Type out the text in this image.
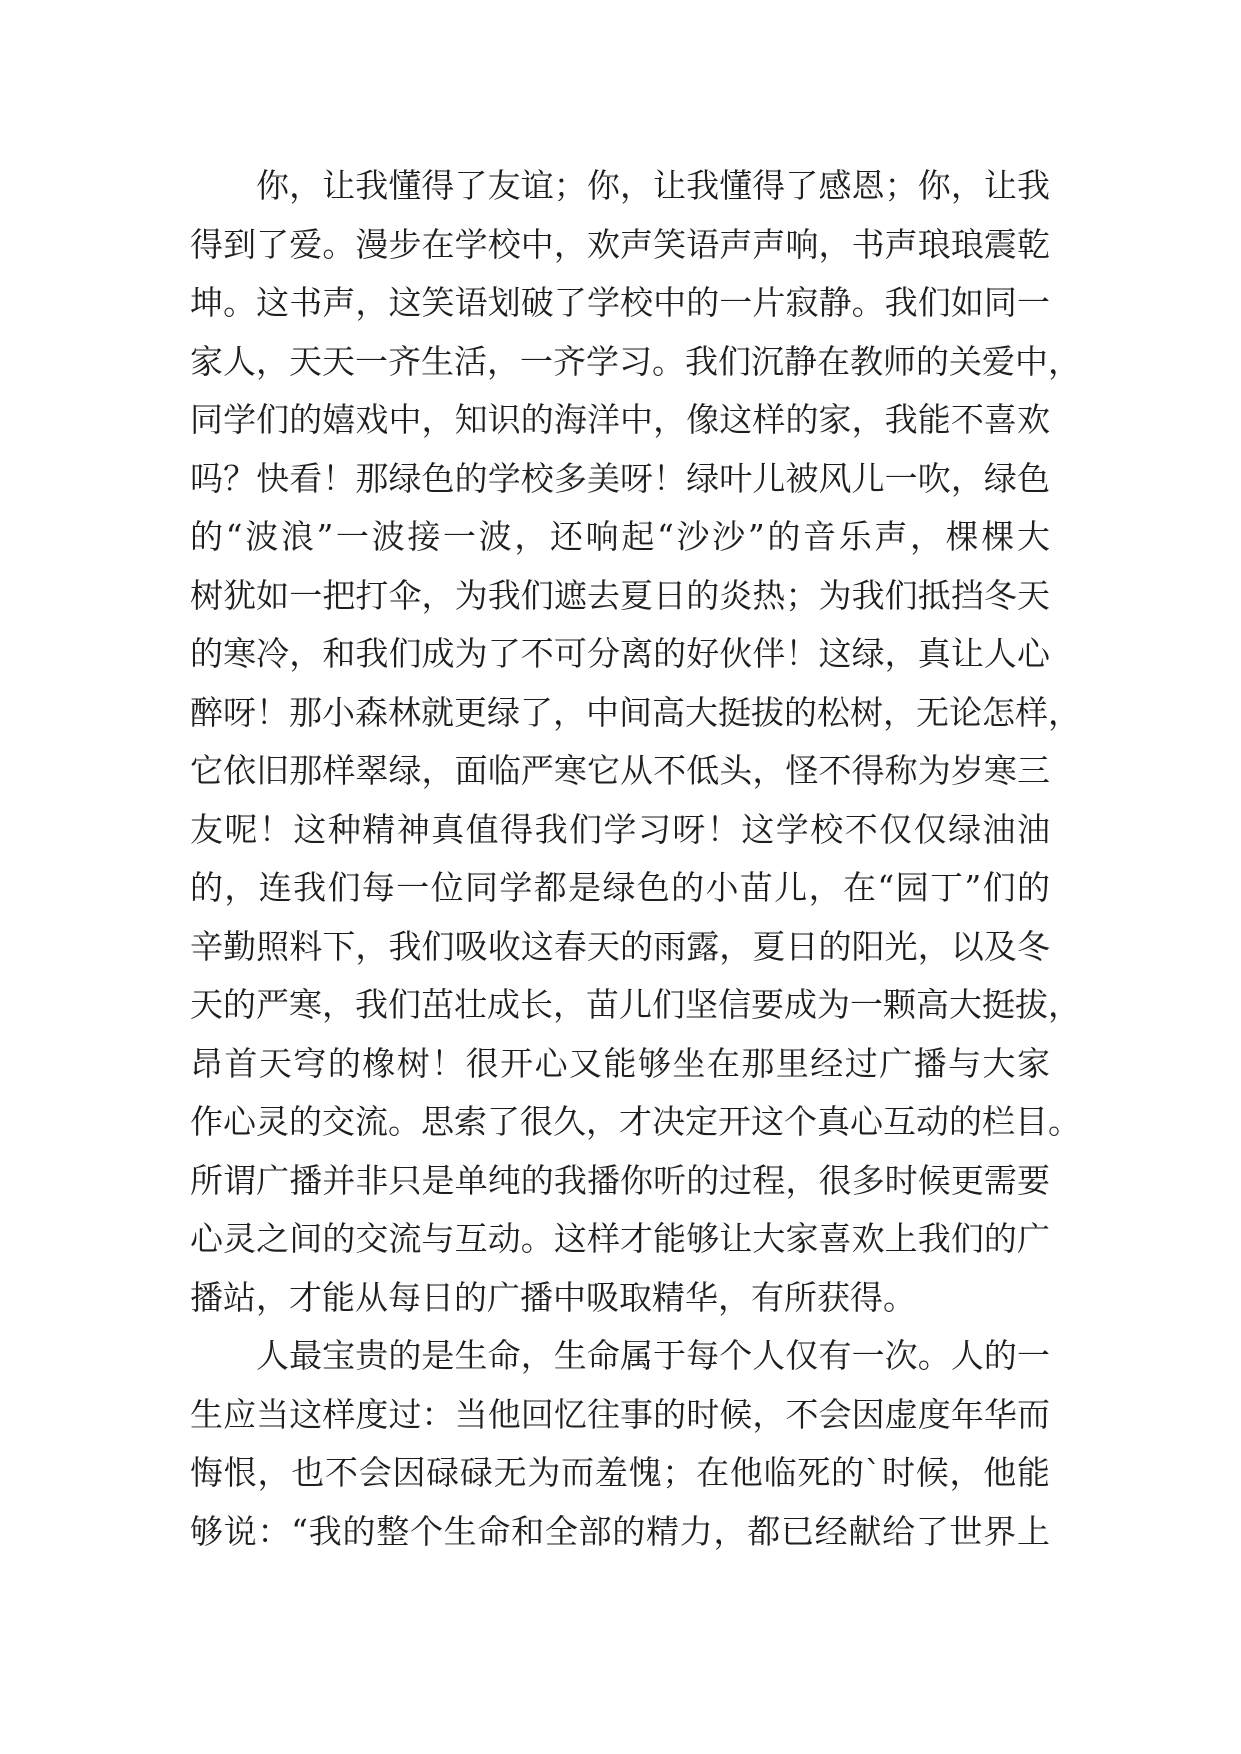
你，让我懂得了友谊；你，让我懂得了感恩；你，让我
得到了爱。漫步在学校中，欢声笑语声声响，书声琅琅震乾
坤。这书声，这笑语划破了学校中的一片寂静。我们如同一
家人，天天一齐生活，一齐学习。我们沉静在教师的关爱中，
同学们的嬉戏中，知识的海洋中，像这样的家，我能不喜欢
吗？快看！那绿色的学校多美呀！绿叶儿被风儿一吹，绿色
的“波浪”一波接一波，还响起“沙沙”的音乐声，棵棵大
树犹如一把打伞，为我们遮去夏日的炎热；为我们抵挡冬天
的寒冷，和我们成为了不可分离的好伙伴！这绿，真让人心
醉呀！那小森林就更绿了，中间高大挺拔的松树，无论怎样，
它依旧那样翠绿，面临严寒它从不低头，怪不得称为岁寒三
友呢！这种精神真值得我们学习呀！这学校不仅仅绿油油
的，连我们每一位同学都是绿色的小苗儿，在“园丁”们的
辛勤照料下，我们吸收这春天的雨露，夏日的阳光，以及冬
天的严寒，我们茁壮成长，苗儿们坚信要成为一颗高大挺拔，
昂首天穹的橡树！很开心又能够坐在那里经过广播与大家
作心灵的交流。思索了很久，才决定开这个真心互动的栏目。
所谓广播并非只是单纯的我播你听的过程，很多时候更需要
心灵之间的交流与互动。这样才能够让大家喜欢上我们的广
播站，才能从每日的广播中吸取精华，有所获得。
人最宝贵的是生命，生命属于每个人仅有一次。人的一
生应当这样度过：当他回忆往事的时候，不会因虚度年华而
悔恨，也不会因碌碌无为而羞愧；在他临死的`时候，他能
够说：“我的整个生命和全部的精力，都已经献给了世界上
